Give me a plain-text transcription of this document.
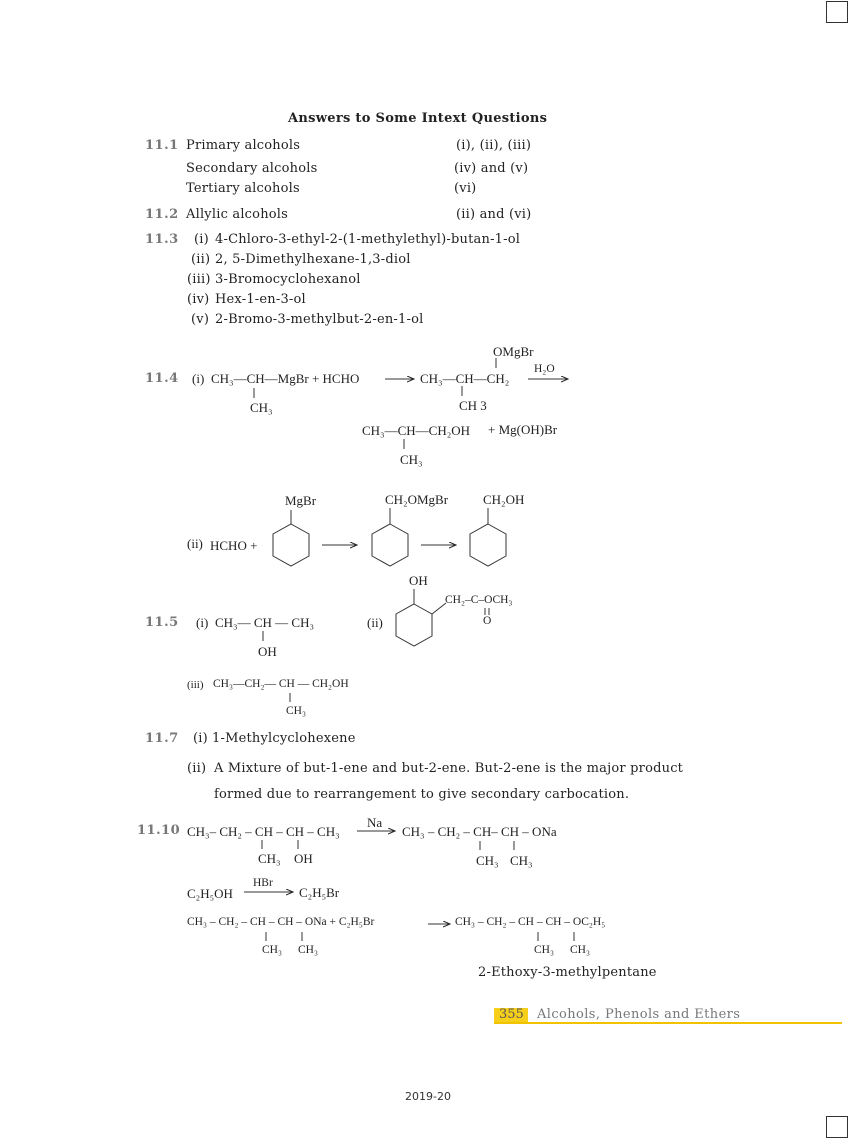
Answers to Some Intext Questions
11.1 Primary alcohols	(i), (ii), (iii)
Secondary alcohols	(iv) and (v)
Tertiary alcohols	(vi)
11.2 Allylic alcohols	(ii) and (vi)
11.3 (i) 4-Chloro-3-ethyl-2-(1-methylethyl)-butan-1-ol
(ii) 2, 5-Dimethylhexane-1,3-diol
(iii) 3-Bromocyclohexanol
(iv) Hex-1-en-3-ol
(v) 2-Bromo-3-methylbut-2-en-1-ol
11.4 (i) CH₃—CH—MgBr + HCHO
CH₃
OMgBr
CH₃—CH—CH₂
CH 3
H₂O
CH₃—CH—CH₂OH + Mg(OH)Br
CH₃
(ii) HCHO +
MgBr	CH₂OMgBr	CH₂OH
11.5 (i) CH₃— CH — CH₃
OH
(ii)
OH
CH₂–C–OCH₃
O
(iii) CH₃—CH₂— CH — CH₂OH
CH₃
11.7 (i) 1-Methylcyclohexene
(ii) A Mixture of but-1-ene and but-2-ene. But-2-ene is the major product
formed due to rearrangement to give secondary carbocation.
11.10 CH₃– CH₂ – CH – CH – CH₃
CH₃ OH
Na
CH₃ – CH₂ – CH– CH – ONa
CH₃ CH₃
C₂H₅OH
HBr
C₂H₅Br
CH₃ – CH₂ – CH – CH – ONa + C₂H₅Br
CH₃ CH₃
CH₃ – CH₂ – CH – CH – OC₂H₅
CH₃ CH₃
2-Ethoxy-3-methylpentane
355 Alcohols, Phenols and Ethers
2019-20
